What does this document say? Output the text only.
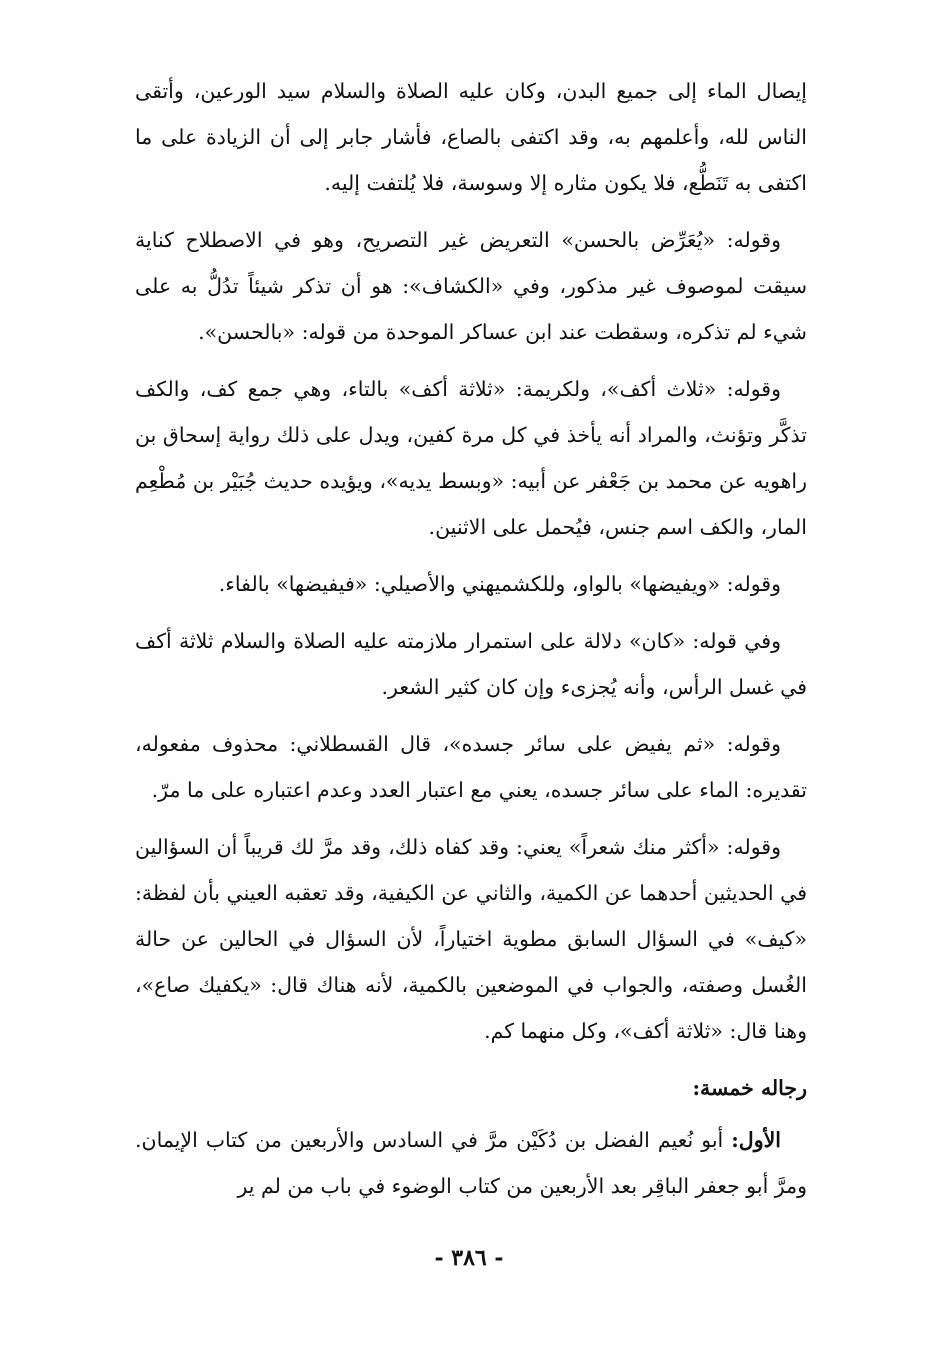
إيصال الماء إلى جميع البدن، وكان عليه الصلاة والسلام سيد الورعين، وأتقى الناس لله، وأعلمهم به، وقد اكتفى بالصاع، فأشار جابر إلى أن الزيادة على ما اكتفى به تَنَطُّع، فلا يكون مثاره إلا وسوسة، فلا يُلتفت إليه.

وقوله: «يُعَرِّض بالحسن» التعريض غير التصريح، وهو في الاصطلاح كناية سيقت لموصوف غير مذكور، وفي «الكشاف»: هو أن تذكر شيئاً تدُلُّ به على شيء لم تذكره، وسقطت عند ابن عساكر الموحدة من قوله: «بالحسن».

وقوله: «ثلاث أكف»، ولكريمة: «ثلاثة أكف» بالتاء، وهي جمع كف، والكف تذكَّر وتؤنث، والمراد أنه يأخذ في كل مرة كفين، ويدل على ذلك رواية إسحاق بن راهويه عن محمد بن جَعْفر عن أبيه: «وبسط يديه»، ويؤيده حديث جُبَيْر بن مُطْعِم المار، والكف اسم جنس، فيُحمل على الاثنين.

وقوله: «ويفيضها» بالواو، وللكشميهني والأصيلي: «فيفيضها» بالفاء.

وفي قوله: «كان» دلالة على استمرار ملازمته عليه الصلاة والسلام ثلاثة أكف في غسل الرأس، وأنه يُجزىء وإن كان كثير الشعر.

وقوله: «ثم يفيض على سائر جسده»، قال القسطلاني: محذوف مفعوله، تقديره: الماء على سائر جسده، يعني مع اعتبار العدد وعدم اعتباره على ما مرّ.

وقوله: «أكثر منك شعراً» يعني: وقد كفاه ذلك، وقد مرَّ لك قريباً أن السؤالين في الحديثين أحدهما عن الكمية، والثاني عن الكيفية، وقد تعقبه العيني بأن لفظة: «كيف» في السؤال السابق مطوية اختياراً، لأن السؤال في الحالين عن حالة الغُسل وصفته، والجواب في الموضعين بالكمية، لأنه هناك قال: «يكفيك صاع»، وهنا قال: «ثلاثة أكف»، وكل منهما كم.

رجاله خمسة:

الأول: أبو نُعيم الفضل بن دُكَيْن مرَّ في السادس والأربعين من كتاب الإيمان. ومرَّ أبو جعفر الباقِر بعد الأربعين من كتاب الوضوء في باب من لم ير

- ٣٨٦ -
